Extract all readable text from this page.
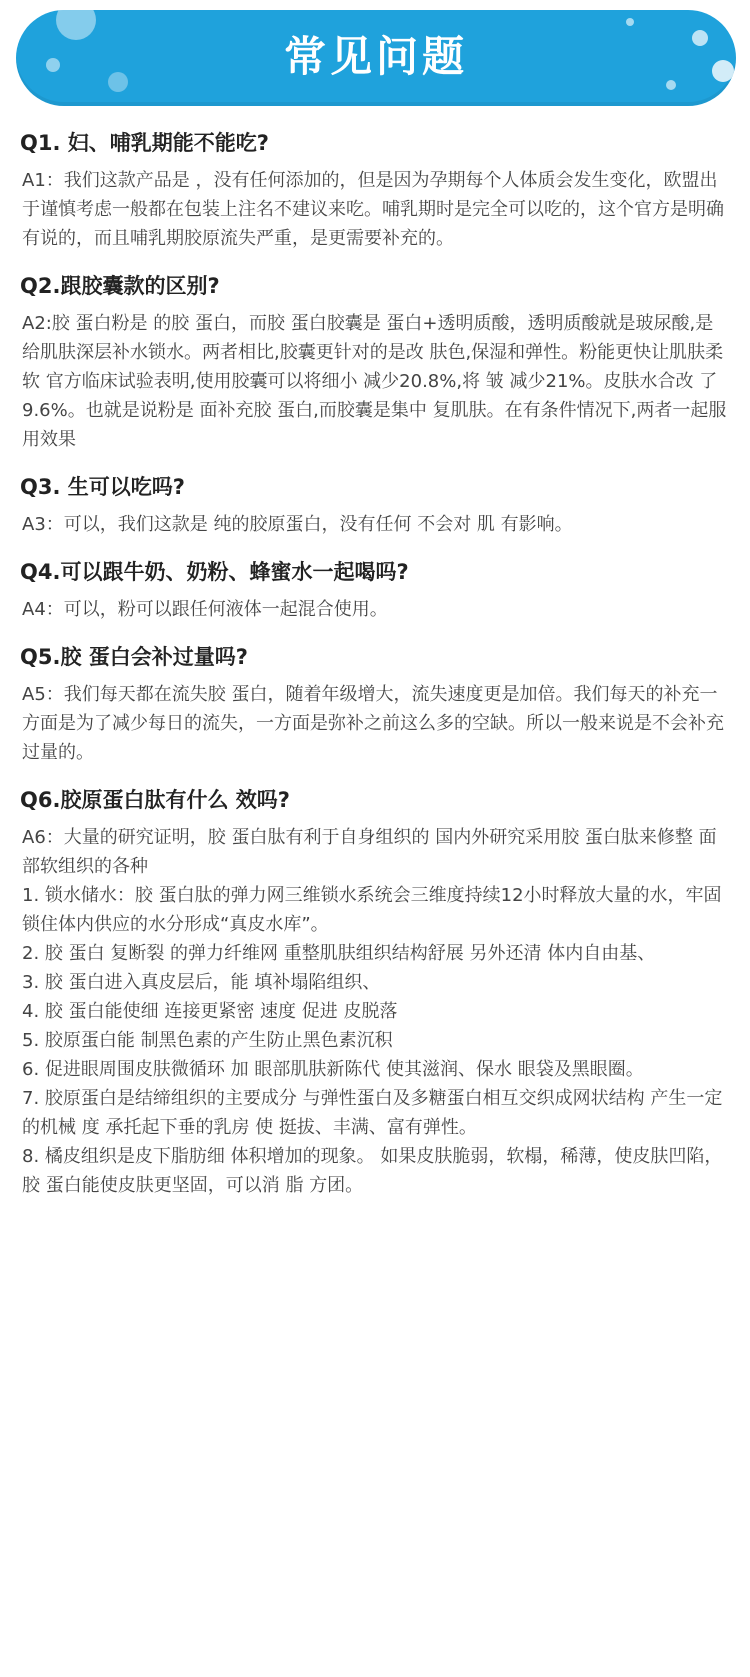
常见问题
Q1. 妇、哺乳期能不能吃?

A1：我们这款产品是 ，没有任何添加的，但是因为孕期每个人体质会发生变化，欧盟出于谨慎考虑一般都在包装上注名不建议来吃。哺乳期时是完全可以吃的，这个官方是明确有说的，而且哺乳期胶原流失严重，是更需要补充的。

Q2.跟胶囊款的区别?

A2:胶 蛋白粉是 的胶 蛋白，而胶 蛋白胶囊是 蛋白+透明质酸，透明质酸就是玻尿酸,是给肌肤深层补水锁水。两者相比,胶囊更针对的是改 肤色,保湿和弹性。粉能更快让肌肤柔软 官方临床试验表明,使用胶囊可以将细小 减少20.8%,将 皱 减少21%。皮肤水合改 了9.6%。也就是说粉是 面补充胶 蛋白,而胶囊是集中 复肌肤。在有条件情况下,两者一起服用效果

Q3. 生可以吃吗?

A3：可以，我们这款是 纯的胶原蛋白，没有任何 不会对 肌 有影响。

Q4.可以跟牛奶、奶粉、蜂蜜水一起喝吗?

A4：可以，粉可以跟任何液体一起混合使用。

Q5.胶 蛋白会补过量吗?

A5：我们每天都在流失胶 蛋白，随着年级增大，流失速度更是加倍。我们每天的补充一方面是为了减少每日的流失，一方面是弥补之前这么多的空缺。所以一般来说是不会补充过量的。

Q6.胶原蛋白肽有什么 效吗?

A6：大量的研究证明，胶 蛋白肽有利于自身组织的 国内外研究采用胶 蛋白肽来修整 面部软组织的各种

1. 锁水储水：胶 蛋白肽的弹力网三维锁水系统会三维度持续12小时释放大量的水，牢固锁住体内供应的水分形成“真皮水库”。

2. 胶 蛋白 复断裂 的弹力纤维网 重整肌肤组织结构舒展 另外还清 体内自由基、

3. 胶 蛋白进入真皮层后，能 填补塌陷组织、

4. 胶 蛋白能使细 连接更紧密 速度 促进 皮脱落

5. 胶原蛋白能 制黑色素的产生防止黑色素沉积

6. 促进眼周围皮肤微循环 加 眼部肌肤新陈代 使其滋润、保水 眼袋及黑眼圈。

7. 胶原蛋白是结缔组织的主要成分 与弹性蛋白及多糖蛋白相互交织成网状结构 产生一定的机械 度 承托起下垂的乳房 使 挺拔、丰满、富有弹性。

8. 橘皮组织是皮下脂肪细 体积增加的现象。 如果皮肤脆弱，软榻，稀薄，使皮肤凹陷，胶 蛋白能使皮肤更坚固，可以消 脂 方团。
